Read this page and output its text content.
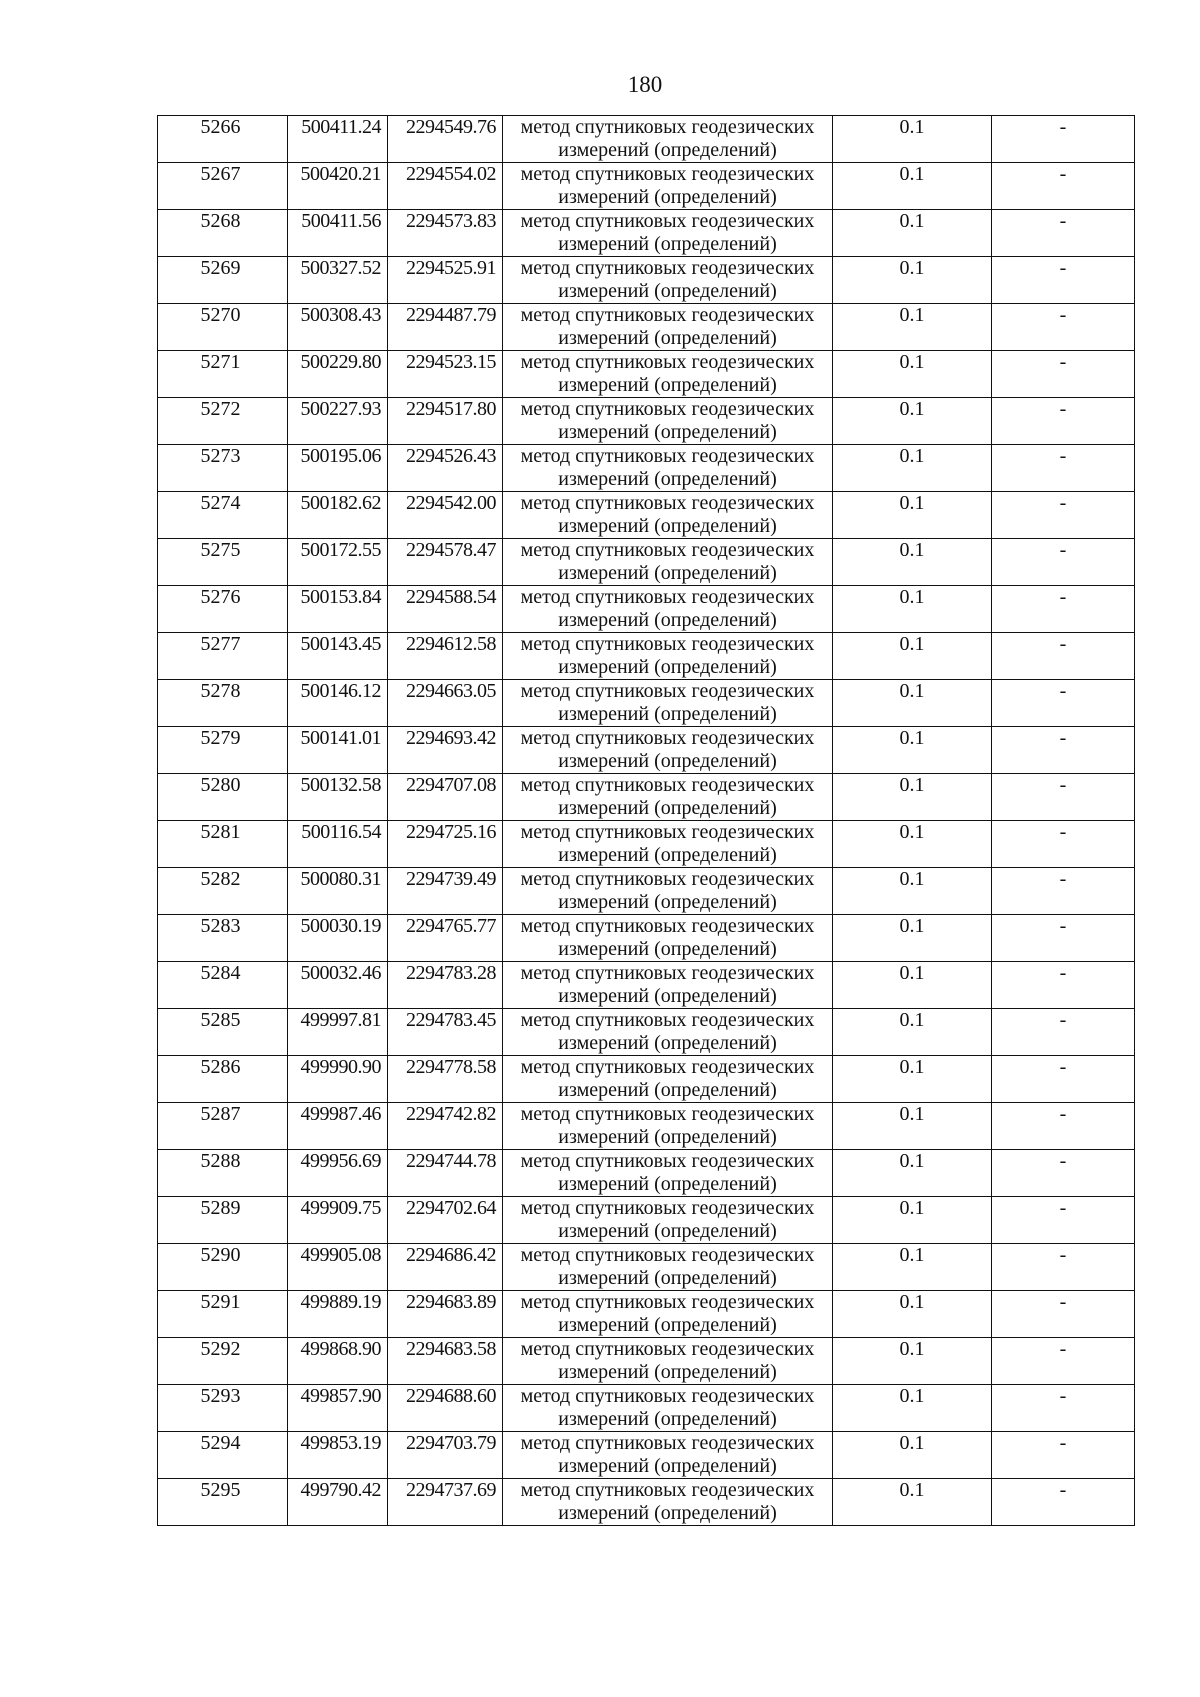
180
5266	500411.24	2294549.76	метод спутниковых геодезических измерений (определений)	0.1	-
5267	500420.21	2294554.02	метод спутниковых геодезических измерений (определений)	0.1	-
5268	500411.56	2294573.83	метод спутниковых геодезических измерений (определений)	0.1	-
5269	500327.52	2294525.91	метод спутниковых геодезических измерений (определений)	0.1	-
5270	500308.43	2294487.79	метод спутниковых геодезических измерений (определений)	0.1	-
5271	500229.80	2294523.15	метод спутниковых геодезических измерений (определений)	0.1	-
5272	500227.93	2294517.80	метод спутниковых геодезических измерений (определений)	0.1	-
5273	500195.06	2294526.43	метод спутниковых геодезических измерений (определений)	0.1	-
5274	500182.62	2294542.00	метод спутниковых геодезических измерений (определений)	0.1	-
5275	500172.55	2294578.47	метод спутниковых геодезических измерений (определений)	0.1	-
5276	500153.84	2294588.54	метод спутниковых геодезических измерений (определений)	0.1	-
5277	500143.45	2294612.58	метод спутниковых геодезических измерений (определений)	0.1	-
5278	500146.12	2294663.05	метод спутниковых геодезических измерений (определений)	0.1	-
5279	500141.01	2294693.42	метод спутниковых геодезических измерений (определений)	0.1	-
5280	500132.58	2294707.08	метод спутниковых геодезических измерений (определений)	0.1	-
5281	500116.54	2294725.16	метод спутниковых геодезических измерений (определений)	0.1	-
5282	500080.31	2294739.49	метод спутниковых геодезических измерений (определений)	0.1	-
5283	500030.19	2294765.77	метод спутниковых геодезических измерений (определений)	0.1	-
5284	500032.46	2294783.28	метод спутниковых геодезических измерений (определений)	0.1	-
5285	499997.81	2294783.45	метод спутниковых геодезических измерений (определений)	0.1	-
5286	499990.90	2294778.58	метод спутниковых геодезических измерений (определений)	0.1	-
5287	499987.46	2294742.82	метод спутниковых геодезических измерений (определений)	0.1	-
5288	499956.69	2294744.78	метод спутниковых геодезических измерений (определений)	0.1	-
5289	499909.75	2294702.64	метод спутниковых геодезических измерений (определений)	0.1	-
5290	499905.08	2294686.42	метод спутниковых геодезических измерений (определений)	0.1	-
5291	499889.19	2294683.89	метод спутниковых геодезических измерений (определений)	0.1	-
5292	499868.90	2294683.58	метод спутниковых геодезических измерений (определений)	0.1	-
5293	499857.90	2294688.60	метод спутниковых геодезических измерений (определений)	0.1	-
5294	499853.19	2294703.79	метод спутниковых геодезических измерений (определений)	0.1	-
5295	499790.42	2294737.69	метод спутниковых геодезических измерений (определений)	0.1	-
